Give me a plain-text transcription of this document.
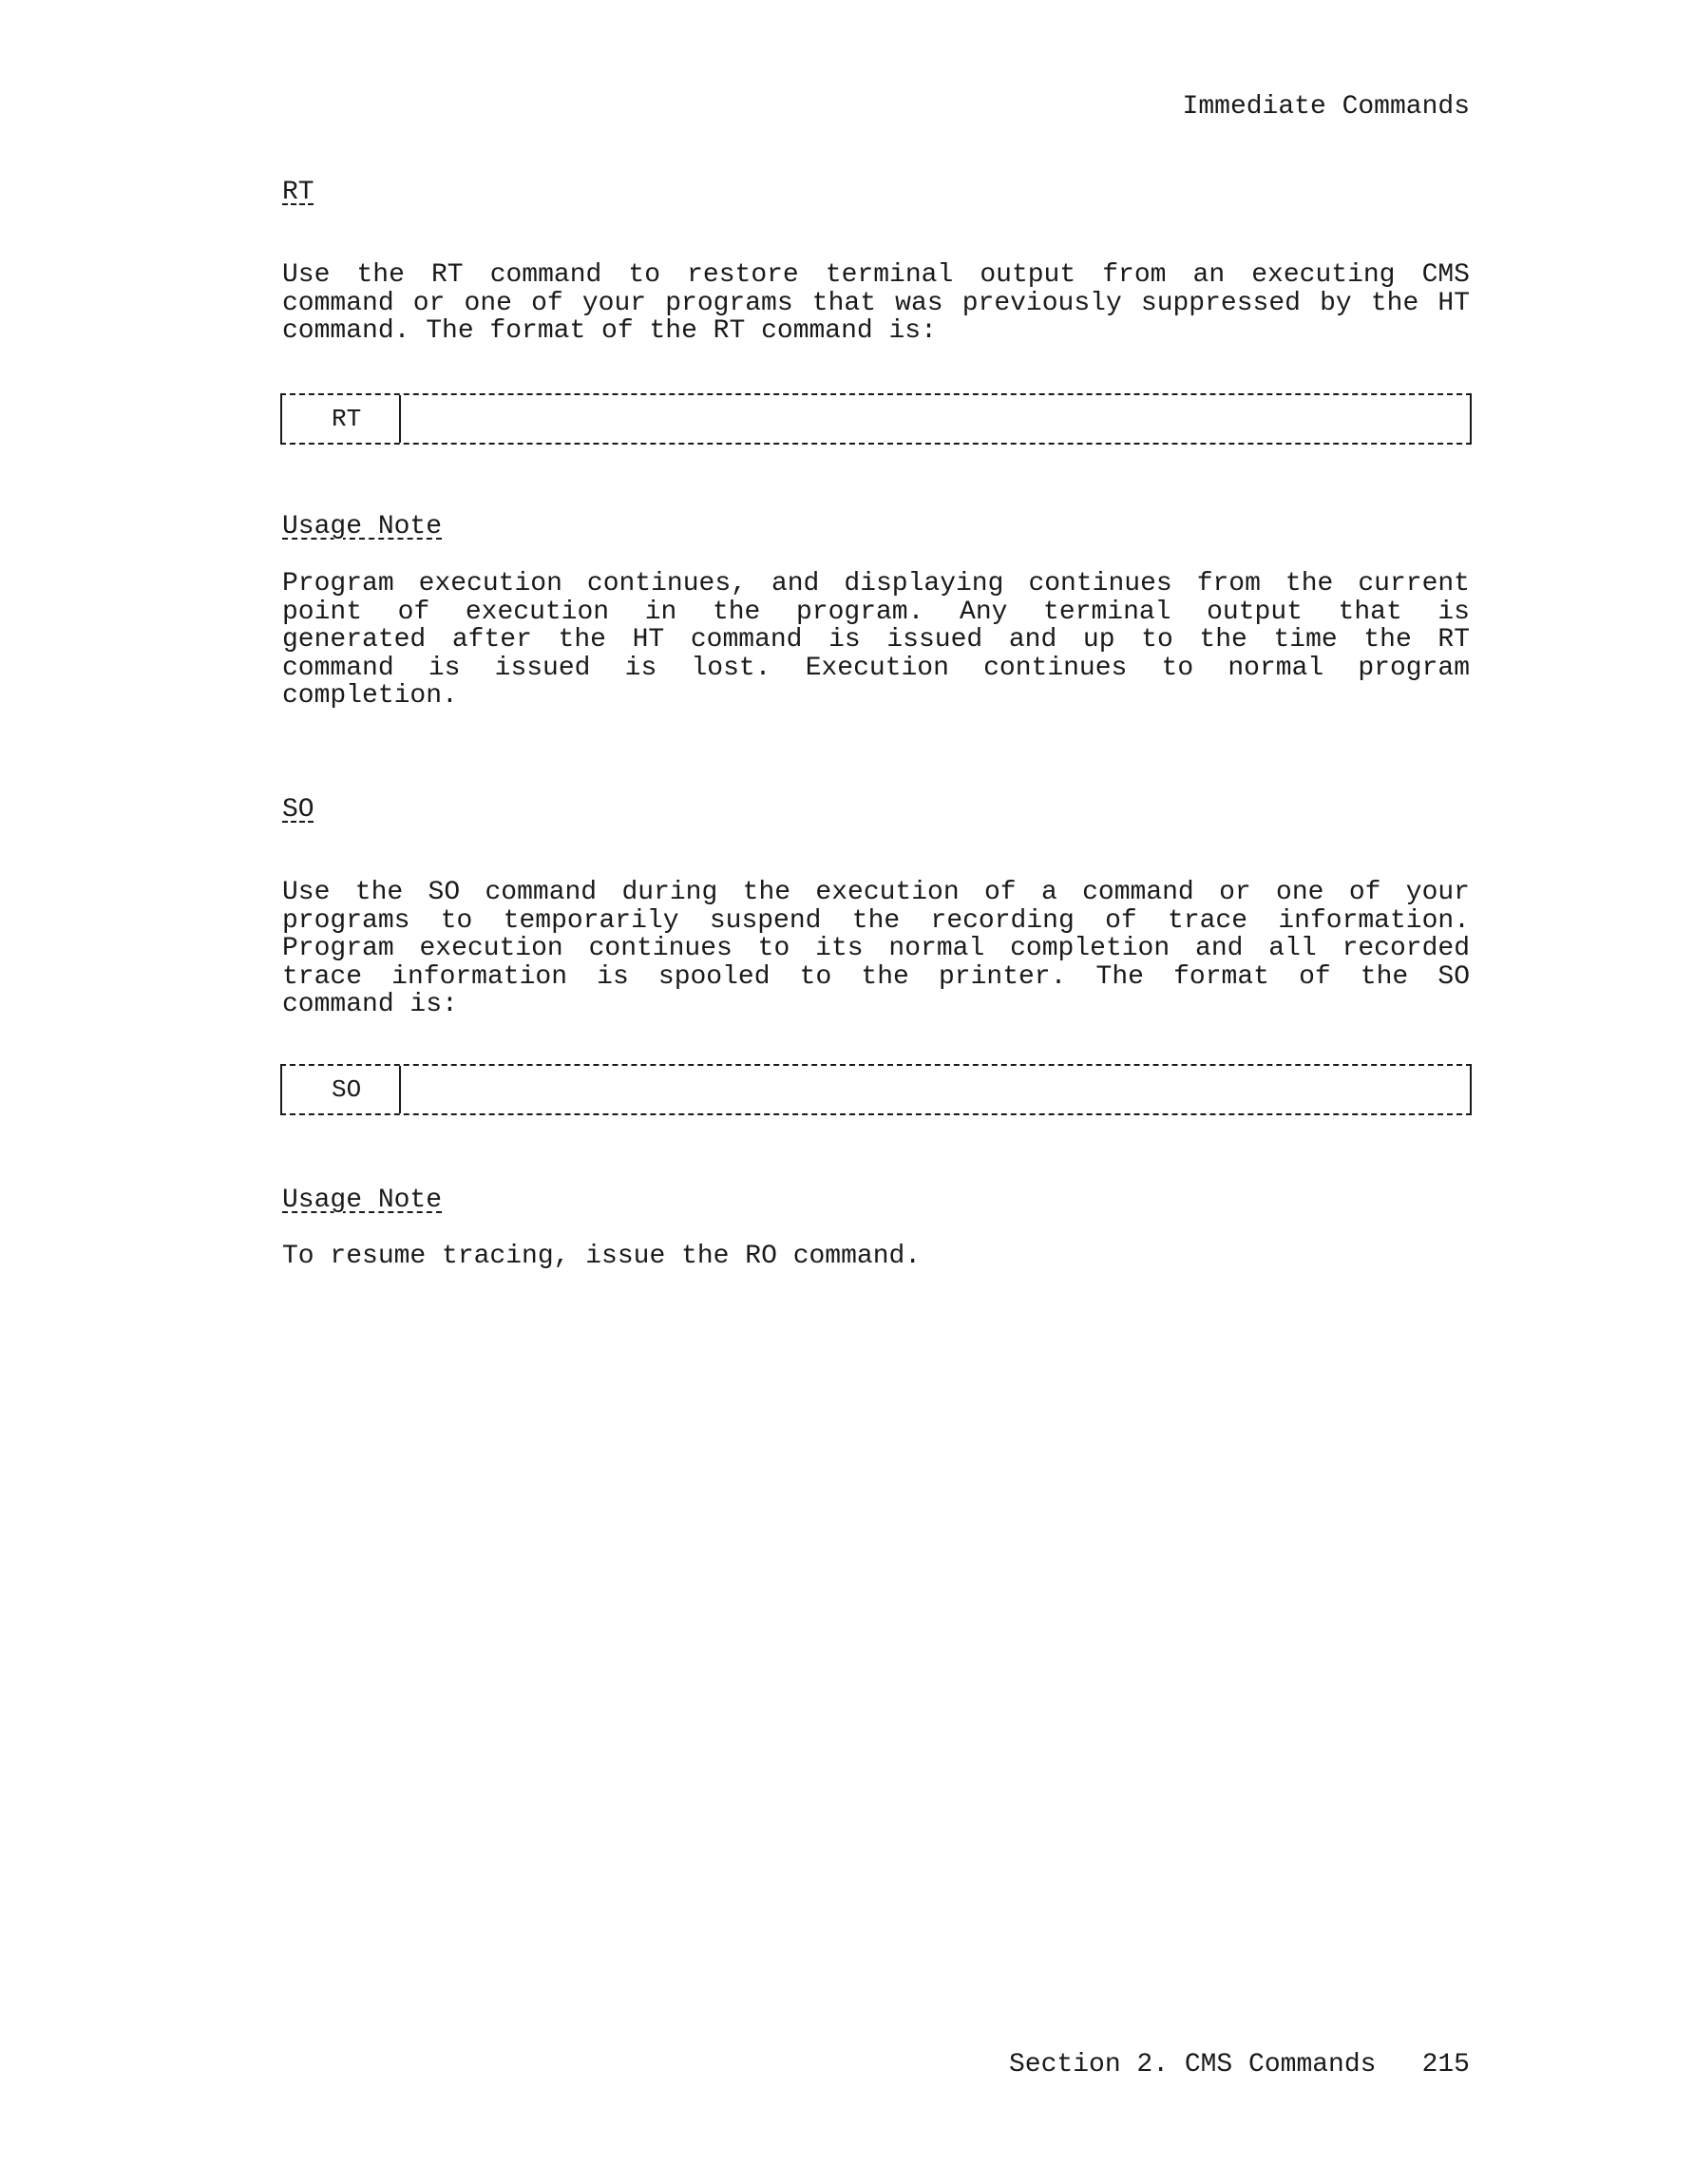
Immediate Commands

RT

Use the RT command to restore terminal output from an executing CMS
command or one of your programs that was previously suppressed by the HT
command. The format of the RT command is:
RT

Usage Note

Program execution continues, and displaying continues from the current
point of execution in the program. Any terminal output that is
generated after the HT command is issued and up to the time the RT
command is issued is lost. Execution continues to normal program
completion.

SO

Use the SO command during the execution of a command or one of your
programs to temporarily suspend the recording of trace information.
Program execution continues to its normal completion and all recorded
trace information is spooled to the printer. The format of the SO
command is:
SO

Usage Note

To resume tracing, issue the RO command.

Section 2. CMS Commands 215
